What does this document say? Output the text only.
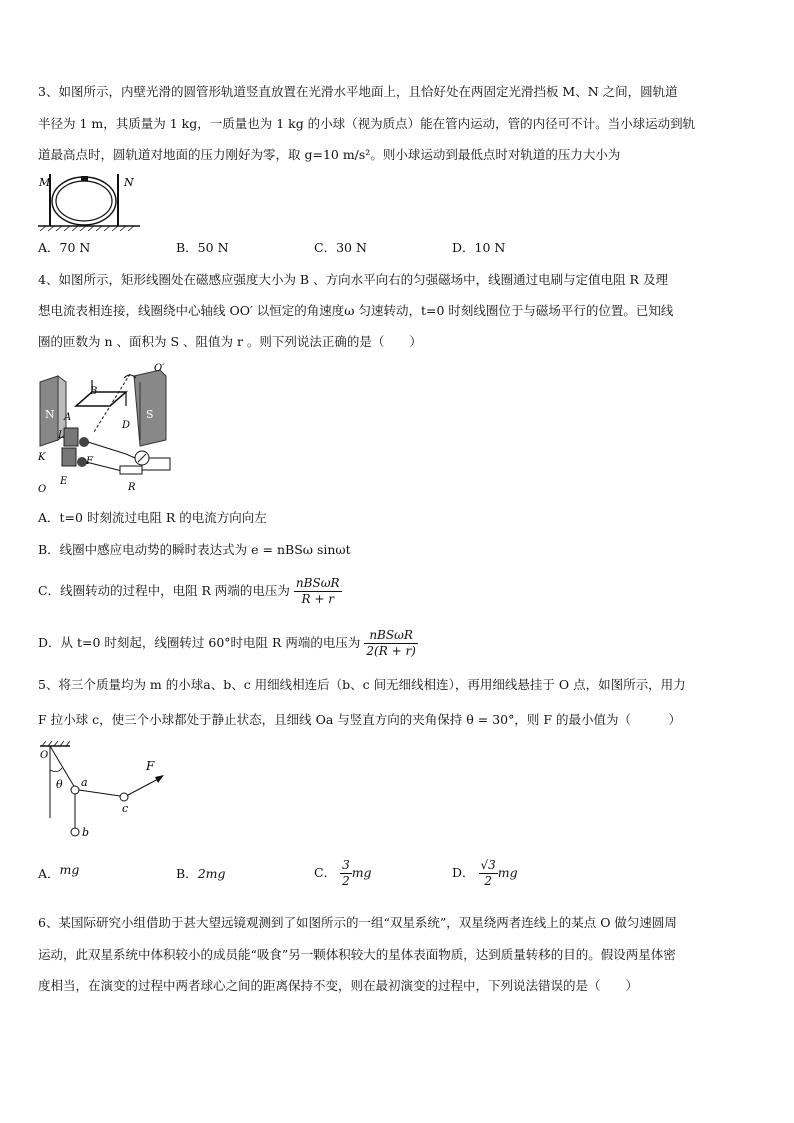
3、如图所示，内壁光滑的圆管形轨道竖直放置在光滑水平地面上，且恰好处在两固定光滑挡板 M、N 之间，圆轨道
半径为 1 m，其质量为 1 kg，一质量也为 1 kg 的小球（视为质点）能在管内运动，管的内径可不计。当小球运动到轨
道最高点时，圆轨道对地面的压力刚好为零，取 g=10 m/s²。则小球运动到最低点时对轨道的压力大小为
M	N
A．70 N	B．50 N	C．30 N	D．10 N
4、如图所示，矩形线圈处在磁感应强度大小为 B 、方向水平向右的匀强磁场中，线圈通过电刷与定值电阻 R 及理
想电流表相连接，线圈绕中心轴线 OO′ 以恒定的角速度ω 匀速转动，t=0 时刻线圈位于与磁场平行的位置。已知线
圈的匝数为 n 、面积为 S 、阻值为 r 。则下列说法正确的是（　　）
O′
B
N A	S
D
L
F
K
E
O	R
A．t=0 时刻流过电阻 R 的电流方向向左
B．线圈中感应电动势的瞬时表达式为 e = nBSω sinωt
C．线圈转动的过程中，电阻 R 两端的电压为 $\frac{\text{nBSωR}}{R + r}$
D．从 t=0 时刻起，线圈转过 60°时电阻 R 两端的电压为 $\frac{\text{nBSωR}}{2(R + r)}$
5、将三个质量均为 m 的小球a、b、c 用细线相连后（b、c 间无细线相连），再用细线悬挂于 O 点，如图所示，用力
F 拉小球 c，使三个小球都处于静止状态，且细线 Oa 与竖直方向的夹角保持 θ = 30°，则 F 的最小值为（　　　）
O
θ a
F
c
b
A．mg	B．2mg	C． $\frac{3}{2}$ mg	D． $\frac{√3}{2}$ mg
6、某国际研究小组借助于甚大望远镜观测到了如图所示的一组“双星系统”，双星绕两者连线上的某点 O 做匀速圆周
运动，此双星系统中体积较小的成员能“吸食”另一颗体积较大的星体表面物质，达到质量转移的目的。假设两星体密
度相当，在演变的过程中两者球心之间的距离保持不变，则在最初演变的过程中，下列说法错误的是（　　）
